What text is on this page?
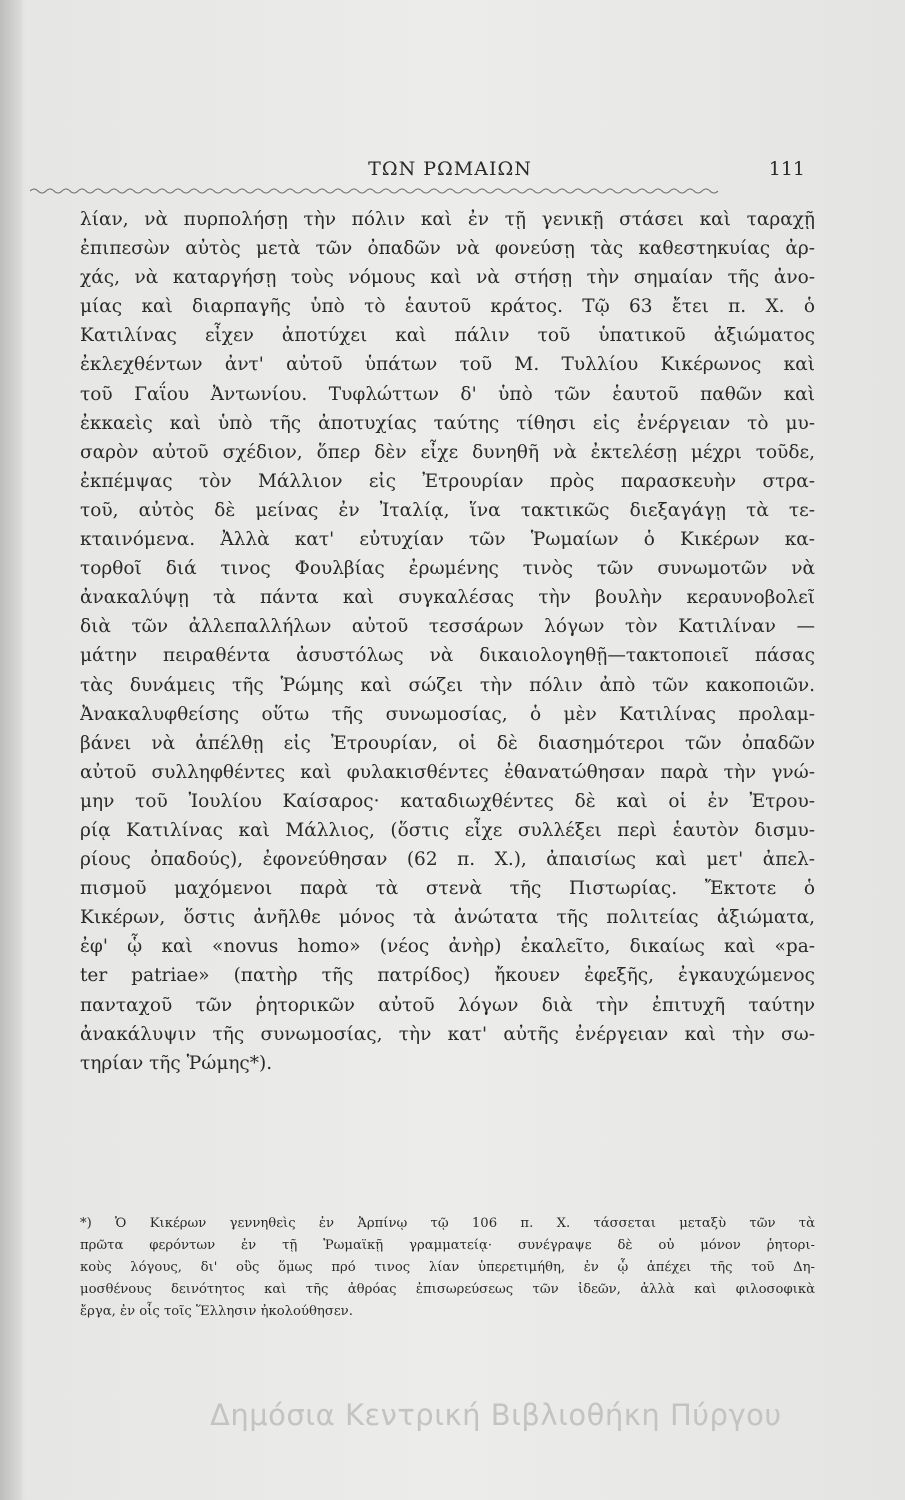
ΤΩΝ ΡΩΜΑΙΩΝ	111
λίαν, νὰ πυρπολήσῃ τὴν πόλιν καὶ ἐν τῇ γενικῇ στάσει καὶ ταραχῇ
ἐπιπεσὼν αὐτὸς μετὰ τῶν ὀπαδῶν νὰ φονεύσῃ τὰς καθεστηκυίας ἀρ-
χάς, νὰ καταργήσῃ τοὺς νόμους καὶ νὰ στήσῃ τὴν σημαίαν τῆς ἀνο-
μίας καὶ διαρπαγῆς ὑπὸ τὸ ἑαυτοῦ κράτος. Τῷ 63 ἔτει π. Χ. ὁ
Κατιλίνας εἶχεν ἀποτύχει καὶ πάλιν τοῦ ὑπατικοῦ ἀξιώματος
ἐκλεχθέντων ἀντ' αὐτοῦ ὑπάτων τοῦ Μ. Τυλλίου Κικέρωνος καὶ
τοῦ Γαΐου Ἀντωνίου. Τυφλώττων δ' ὑπὸ τῶν ἑαυτοῦ παθῶν καὶ
ἐκκαεὶς καὶ ὑπὸ τῆς ἀποτυχίας ταύτης τίθησι εἰς ἐνέργειαν τὸ μυ-
σαρὸν αὐτοῦ σχέδιον, ὅπερ δὲν εἶχε δυνηθῆ νὰ ἐκτελέσῃ μέχρι τοῦδε,
ἐκπέμψας τὸν Μάλλιον εἰς Ἐτρουρίαν πρὸς παρασκευὴν στρα-
τοῦ, αὐτὸς δὲ μείνας ἐν Ἰταλίᾳ, ἵνα τακτικῶς διεξαγάγῃ τὰ τε-
κταινόμενα. Ἀλλὰ κατ' εὐτυχίαν τῶν Ῥωμαίων ὁ Κικέρων κα-
τορθοῖ διά τινος Φουλβίας ἐρωμένης τινὸς τῶν συνωμοτῶν νὰ
ἀνακαλύψῃ τὰ πάντα καὶ συγκαλέσας τὴν βουλὴν κεραυνοβολεῖ
διὰ τῶν ἀλλεπαλλήλων αὐτοῦ τεσσάρων λόγων τὸν Κατιλίναν —
μάτην πειραθέντα ἀσυστόλως νὰ δικαιολογηθῇ—τακτοποιεῖ πάσας
τὰς δυνάμεις τῆς Ῥώμης καὶ σώζει τὴν πόλιν ἀπὸ τῶν κακοποιῶν.
Ἀνακαλυφθείσης οὕτω τῆς συνωμοσίας, ὁ μὲν Κατιλίνας προλαμ-
βάνει νὰ ἀπέλθῃ εἰς Ἐτρουρίαν, οἱ δὲ διασημότεροι τῶν ὀπαδῶν
αὐτοῦ συλληφθέντες καὶ φυλακισθέντες ἐθανατώθησαν παρὰ τὴν γνώ-
μην τοῦ Ἰουλίου Καίσαρος· καταδιωχθέντες δὲ καὶ οἱ ἐν Ἐτρου-
ρίᾳ Κατιλίνας καὶ Μάλλιος, (ὅστις εἶχε συλλέξει περὶ ἑαυτὸν δισμυ-
ρίους ὀπαδούς), ἐφονεύθησαν (62 π. Χ.), ἀπαισίως καὶ μετ' ἀπελ-
πισμοῦ μαχόμενοι παρὰ τὰ στενὰ τῆς Πιστωρίας. Ἔκτοτε ὁ
Κικέρων, ὅστις ἀνῆλθε μόνος τὰ ἀνώτατα τῆς πολιτείας ἀξιώματα,
ἐφ' ᾧ καὶ «novus homo» (νέος ἀνὴρ) ἐκαλεῖτο, δικαίως καὶ «pa-
ter patriae» (πατὴρ τῆς πατρίδος) ἤκουεν ἐφεξῆς, ἐγκαυχώμενος
πανταχοῦ τῶν ῥητορικῶν αὐτοῦ λόγων διὰ τὴν ἐπιτυχῆ ταύτην
ἀνακάλυψιν τῆς συνωμοσίας, τὴν κατ' αὐτῆς ἐνέργειαν καὶ τὴν σω-
τηρίαν τῆς Ῥώμης*).
*) Ὁ Κικέρων γεννηθεὶς ἐν Ἀρπίνῳ τῷ 106 π. Χ. τάσσεται μεταξὺ τῶν τὰ
πρῶτα φερόντων ἐν τῇ Ῥωμαϊκῇ γραμματείᾳ· συνέγραψε δὲ οὐ μόνον ῥητορι-
κοὺς λόγους, δι' οὓς ὅμως πρό τινος λίαν ὑπερετιμήθη, ἐν ᾧ ἀπέχει τῆς τοῦ Δη-
μοσθένους δεινότητος καὶ τῆς ἀθρόας ἐπισωρεύσεως τῶν ἰδεῶν, ἀλλὰ καὶ φιλοσοφικὰ
ἔργα, ἐν οἷς τοῖς Ἕλλησιν ἠκολούθησεν.
Δημόσια Κεντρική Βιβλιοθήκη Πύργου
